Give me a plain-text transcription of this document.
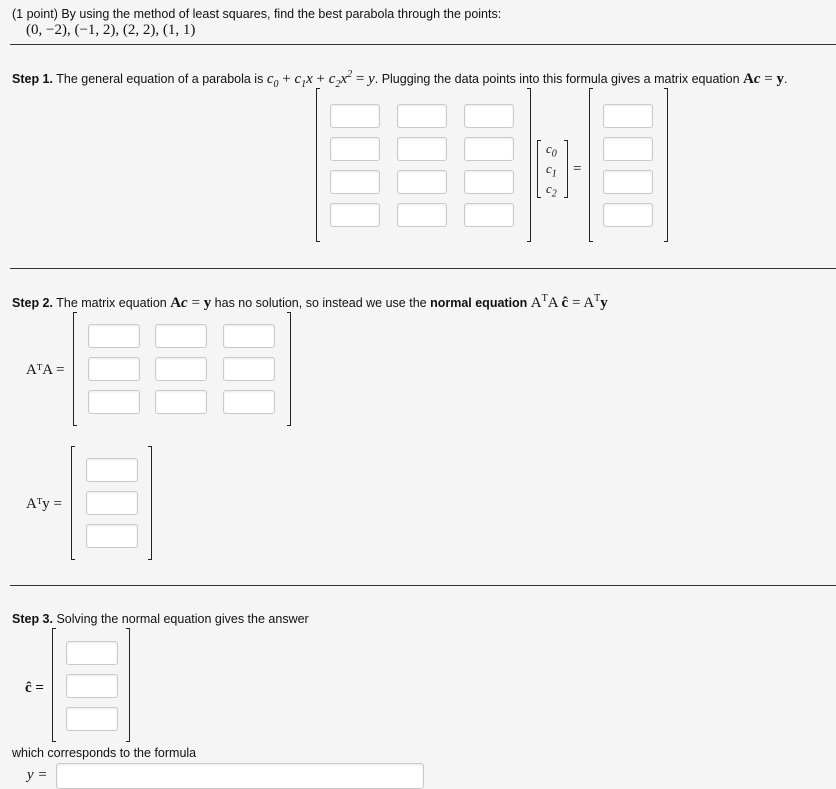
(1 point) By using the method of least squares, find the best parabola through the points:
(0, −2), (−1, 2), (2, 2), (1, 1)
Step 1. The general equation of a parabola is $c_0 + c_1x + c_2x^2 = y$. Plugging the data points into this formula gives a matrix equation Ac = y.
$c_0$
$c_1$
$c_2$
=
Step 2. The matrix equation Ac = y has no solution, so instead we use the normal equation $A^TA$ ĉ = $A^Ty$
AᵀA =
Aᵀy =
Step 3. Solving the normal equation gives the answer
ĉ =
which corresponds to the formula
y =
